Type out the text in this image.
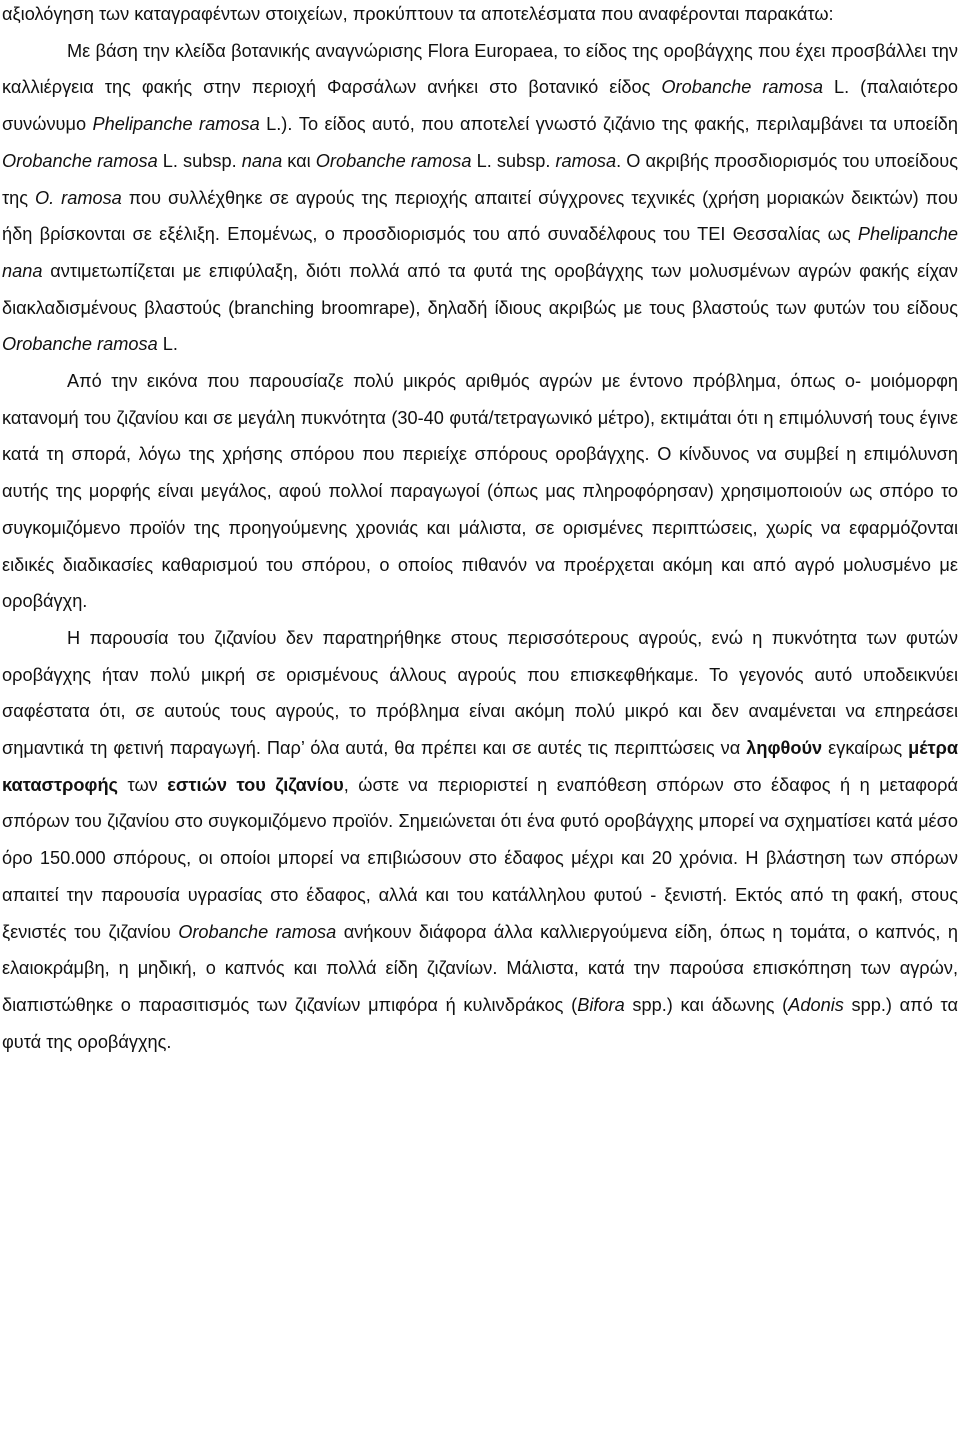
αξιολόγηση των καταγραφέντων στοιχείων, προκύπτουν τα αποτελέσματα που αναφέρονται παρακάτω:

Με βάση την κλείδα βοτανικής αναγνώρισης Flora Europaea, το είδος της οροβάγχης που έχει προσβάλλει την καλλιέργεια της φακής στην περιοχή Φαρσάλων ανήκει στο βοτανικό είδος Orobanche ramosa L. (παλαιότερο συνώνυμο Phelipanche ramosa L.). Το είδος αυτό, που αποτελεί γνωστό ζιζάνιο της φακής, περιλαμβάνει τα υποείδη Orobanche ramosa L. subsp. nana και Orobanche ramosa L. subsp. ramosa. Ο ακριβής προσδιορισμός του υποείδους της O. ramosa που συλλέχθηκε σε αγρούς της περιοχής απαιτεί σύγχρονες τεχνικές (χρήση μοριακών δεικτών) που ήδη βρίσκονται σε εξέλιξη. Επομένως, ο προσδιορισμός του από συναδέλφους του ΤΕΙ Θεσσαλίας ως Phelipanche nana αντιμετωπίζεται με επιφύλαξη, διότι πολλά από τα φυτά της οροβάγχης των μολυσμένων αγρών φακής είχαν διακλαδισμένους βλαστούς (branching broomrape), δηλαδή ίδιους ακριβώς με τους βλαστούς των φυτών του είδους Orobanche ramosa L.

Από την εικόνα που παρουσίαζε πολύ μικρός αριθμός αγρών με έντονο πρόβλημα, όπως ο- μοιόμορφη κατανομή του ζιζανίου και σε μεγάλη πυκνότητα (30-40 φυτά/τετραγωνικό μέτρο), εκτιμάται ότι η επιμόλυνσή τους έγινε κατά τη σπορά, λόγω της χρήσης σπόρου που περιείχε σπόρους οροβάγχης. Ο κίνδυνος να συμβεί η επιμόλυνση αυτής της μορφής είναι μεγάλος, αφού πολλοί παραγωγοί (όπως μας πληροφόρησαν) χρησιμοποιούν ως σπόρο το συγκομιζόμενο προϊόν της προηγούμενης χρονιάς και μάλιστα, σε ορισμένες περιπτώσεις, χωρίς να εφαρμόζονται ειδικές διαδικασίες καθαρισμού του σπόρου, ο οποίος πιθανόν να προέρχεται ακόμη και από αγρό μολυσμένο με οροβάγχη.

Η παρουσία του ζιζανίου δεν παρατηρήθηκε στους περισσότερους αγρούς, ενώ η πυκνότητα των φυτών οροβάγχης ήταν πολύ μικρή σε ορισμένους άλλους αγρούς που επισκεφθήκαμε. Το γεγονός αυτό υποδεικνύει σαφέστατα ότι, σε αυτούς τους αγρούς, το πρόβλημα είναι ακόμη πολύ μικρό και δεν αναμένεται να επηρεάσει σημαντικά τη φετινή παραγωγή. Παρ’ όλα αυτά, θα πρέπει και σε αυτές τις περιπτώσεις να ληφθούν εγκαίρως μέτρα καταστροφής των εστιών του ζιζανίου, ώστε να περιοριστεί η εναπόθεση σπόρων στο έδαφος ή η μεταφορά σπόρων του ζιζανίου στο συγκομιζόμενο προϊόν. Σημειώνεται ότι ένα φυτό οροβάγχης μπορεί να σχηματίσει κατά μέσο όρο 150.000 σπόρους, οι οποίοι μπορεί να επιβιώσουν στο έδαφος μέχρι και 20 χρόνια. Η βλάστηση των σπόρων απαιτεί την παρουσία υγρασίας στο έδαφος, αλλά και του κατάλληλου φυτού - ξενιστή. Εκτός από τη φακή, στους ξενιστές του ζιζανίου Orobanche ramosa ανήκουν διάφορα άλλα καλλιεργούμενα είδη, όπως η τομάτα, ο καπνός, η ελαιοκράμβη, η μηδική, ο καπνός και πολλά είδη ζιζανίων. Μάλιστα, κατά την παρούσα επισκόπηση των αγρών, διαπιστώθηκε ο παρασιτισμός των ζιζανίων μπιφόρα ή κυλινδράκος (Bifora spp.) και άδωνης (Adonis spp.) από τα φυτά της οροβάγχης.
